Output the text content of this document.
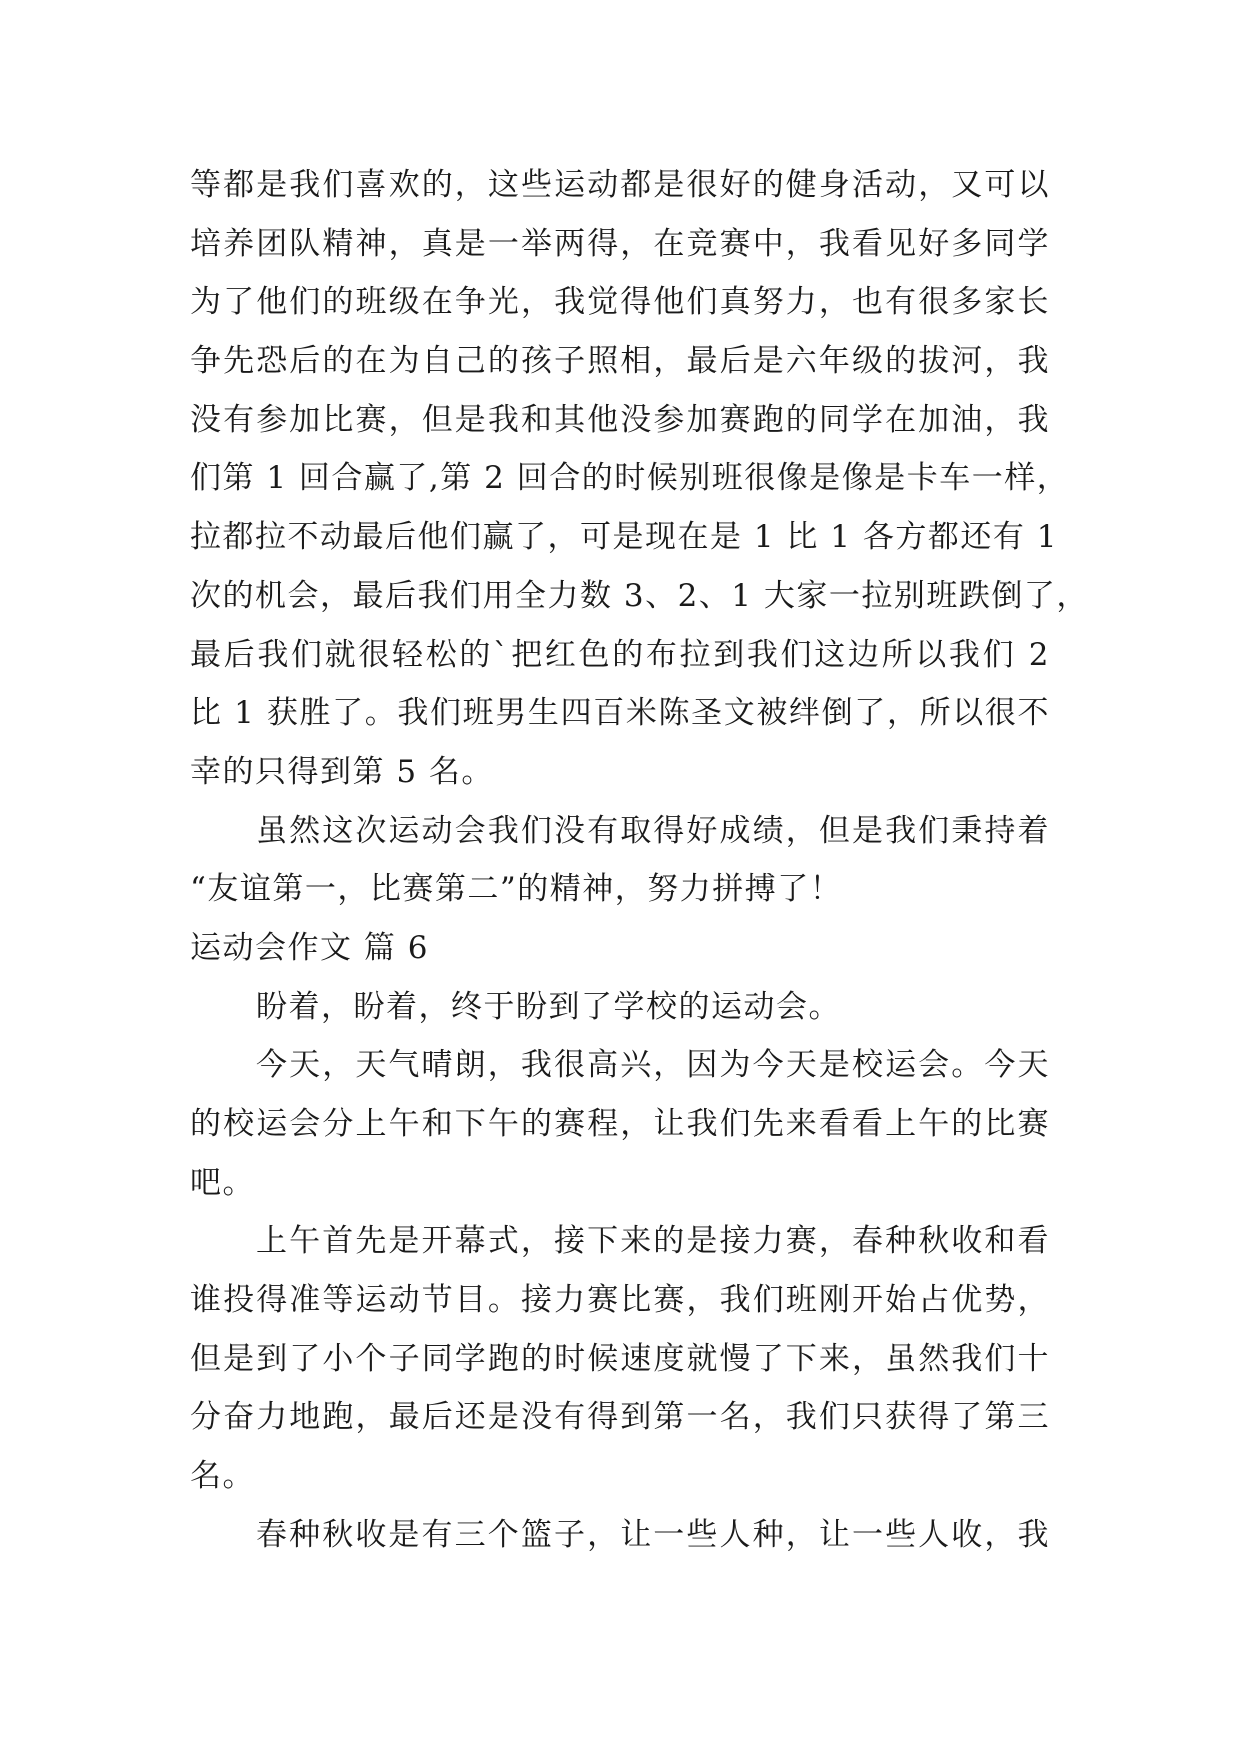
等都是我们喜欢的，这些运动都是很好的健身活动，又可以
培养团队精神，真是一举两得，在竞赛中，我看见好多同学
为了他们的班级在争光，我觉得他们真努力，也有很多家长
争先恐后的在为自己的孩子照相，最后是六年级的拔河，我
没有参加比赛，但是我和其他没参加赛跑的同学在加油，我
们第 1 回合赢了,第 2 回合的时候别班很像是像是卡车一样，
拉都拉不动最后他们赢了，可是现在是 1 比 1 各方都还有 1
次的机会，最后我们用全力数 3、2、1 大家一拉别班跌倒了，
最后我们就很轻松的`把红色的布拉到我们这边所以我们 2
比 1 获胜了。我们班男生四百米陈圣文被绊倒了，所以很不
幸的只得到第 5 名。
虽然这次运动会我们没有取得好成绩，但是我们秉持着
“友谊第一，比赛第二”的精神，努力拼搏了！
运动会作文 篇 6
盼着，盼着，终于盼到了学校的运动会。
今天，天气晴朗，我很高兴，因为今天是校运会。今天
的校运会分上午和下午的赛程，让我们先来看看上午的比赛
吧。
上午首先是开幕式，接下来的是接力赛，春种秋收和看
谁投得准等运动节目。接力赛比赛，我们班刚开始占优势，
但是到了小个子同学跑的时候速度就慢了下来，虽然我们十
分奋力地跑，最后还是没有得到第一名，我们只获得了第三
名。
春种秋收是有三个篮子，让一些人种，让一些人收，我
